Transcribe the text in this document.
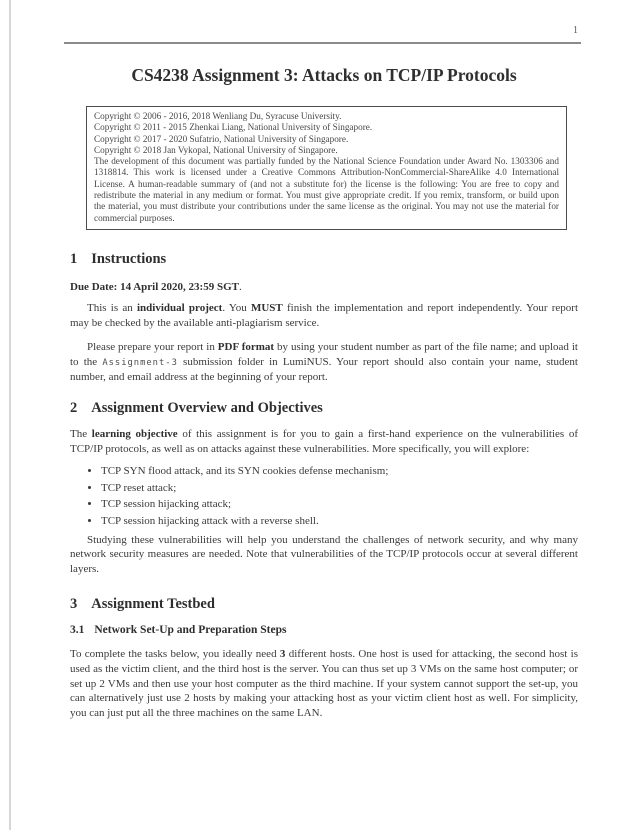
1
CS4238 Assignment 3: Attacks on TCP/IP Protocols
Copyright © 2006 - 2016, 2018 Wenliang Du, Syracuse University.
Copyright © 2011 - 2015 Zhenkai Liang, National University of Singapore.
Copyright © 2017 - 2020 Sufatrio, National University of Singapore.
Copyright © 2018 Jan Vykopal, National University of Singapore.
The development of this document was partially funded by the National Science Foundation under Award No. 1303306 and 1318814. This work is licensed under a Creative Commons Attribution-NonCommercial-ShareAlike 4.0 International License. A human-readable summary of (and not a substitute for) the license is the following: You are free to copy and redistribute the material in any medium or format. You must give appropriate credit. If you remix, transform, or build upon the material, you must distribute your contributions under the same license as the original. You may not use the material for commercial purposes.
1 Instructions

Due Date: 14 April 2020, 23:59 SGT.

This is an individual project. You MUST finish the implementation and report independently. Your report may be checked by the available anti-plagiarism service.

Please prepare your report in PDF format by using your student number as part of the file name; and upload it to the Assignment-3 submission folder in LumiNUS. Your report should also contain your name, student number, and email address at the beginning of your report.

2 Assignment Overview and Objectives

The learning objective of this assignment is for you to gain a first-hand experience on the vulnerabilities of TCP/IP protocols, as well as on attacks against these vulnerabilities. More specifically, you will explore:

• TCP SYN flood attack, and its SYN cookies defense mechanism;
• TCP reset attack;
• TCP session hijacking attack;
• TCP session hijacking attack with a reverse shell.

Studying these vulnerabilities will help you understand the challenges of network security, and why many network security measures are needed. Note that vulnerabilities of the TCP/IP protocols occur at several different layers.

3 Assignment Testbed
3.1 Network Set-Up and Preparation Steps

To complete the tasks below, you ideally need 3 different hosts. One host is used for attacking, the second host is used as the victim client, and the third host is the server. You can thus set up 3 VMs on the same host computer; or set up 2 VMs and then use your host computer as the third machine. If your system cannot support the set-up, you can alternatively just use 2 hosts by making your attacking host as your victim client host as well. For simplicity, you can just put all the three machines on the same LAN.
